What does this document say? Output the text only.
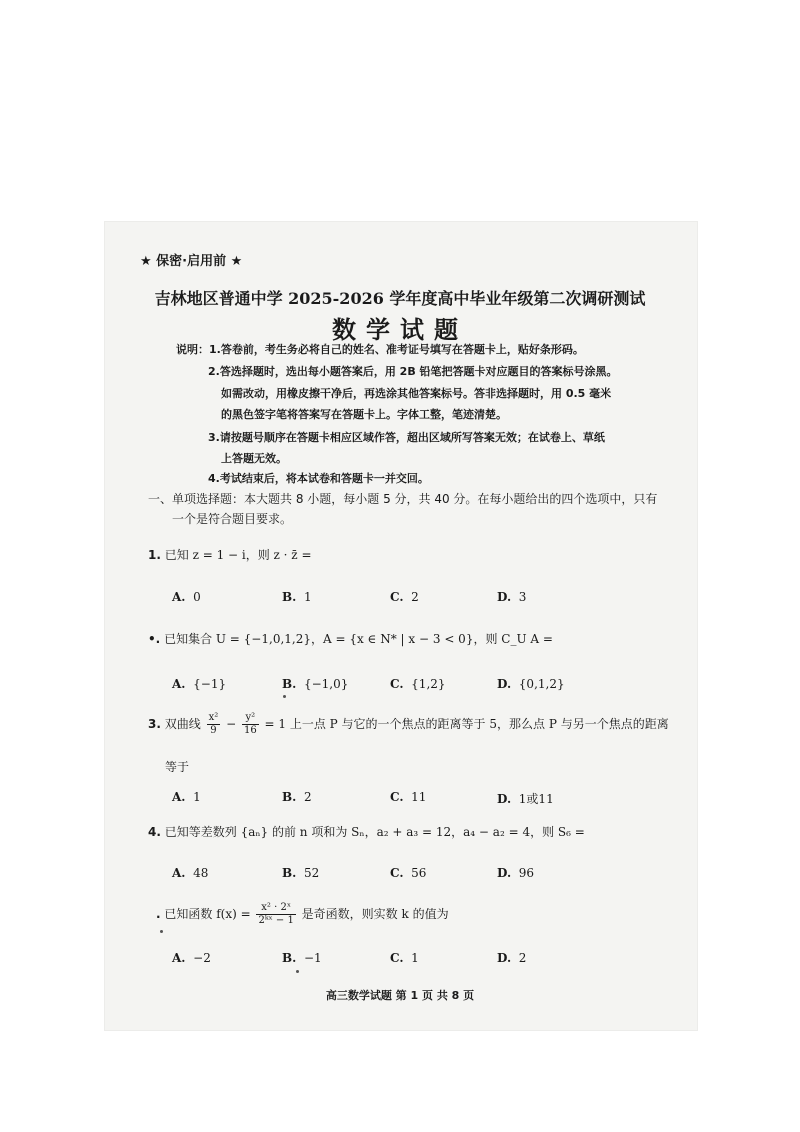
★ 保密·启用前 ★
吉林地区普通中学 2025-2026 学年度高中毕业年级第二次调研测试
数学试题
说明：1.答卷前，考生务必将自己的姓名、准考证号填写在答题卡上，贴好条形码。
2.答选择题时，选出每小题答案后，用 2B 铅笔把答题卡对应题目的答案标号涂黑。
如需改动，用橡皮擦干净后，再选涂其他答案标号。答非选择题时，用 0.5 毫米
的黑色签字笔将答案写在答题卡上。字体工整，笔迹清楚。
3.请按题号顺序在答题卡相应区域作答，超出区域所写答案无效；在试卷上、草纸
上答题无效。
4.考试结束后，将本试卷和答题卡一并交回。
一、单项选择题：本大题共 8 小题，每小题 5 分，共 40 分。在每小题给出的四个选项中，只有
一个是符合题目要求。
1. 已知 z = 1 − i，则 z · z̄ =
A. 0	B. 1	C. 2	D. 3
•. 已知集合 U = {−1,0,1,2}，A = {x ∈ N* | x − 3 < 0}，则 C_U A =
A. {−1}	B. {−1,0}	C. {1,2}	D. {0,1,2}
3. 双曲线 $\frac{\text{x²}}{9} - \frac{\text{y²}}{16} = 1$ 上一点 P 与它的一个焦点的距离等于 5，那么点 P 与另一个焦点的距离
等于
A. 1	B. 2	C. 11	D. 1或11
4. 已知等差数列 {aₙ} 的前 n 项和为 Sₙ，a₂ + a₃ = 12，a₄ − a₂ = 4，则 S₆ =
A. 48	B. 52	C. 56	D. 96
. 已知函数 $f(x) = \frac{\text{x² · 2ˣ}}{\text{2ᵏˣ − 1}}$ 是奇函数，则实数 k 的值为
A. −2	B. −1	C. 1	D. 2
高三数学试题 第 1 页 共 8 页
